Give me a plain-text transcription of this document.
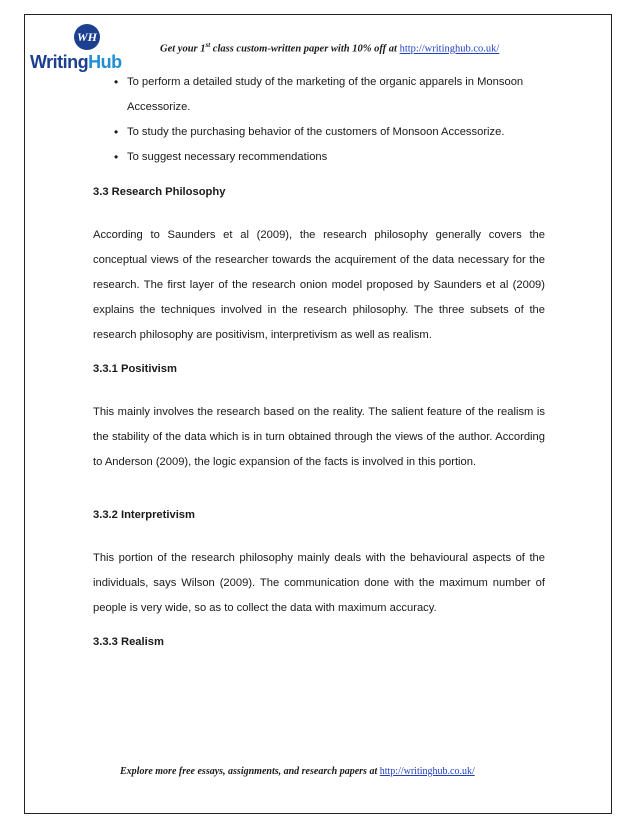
WH
WritingHub
Get your 1st class custom-written paper with 10% off at http://writinghub.co.uk/
• To perform a detailed study of the marketing of the organic apparels in Monsoon Accessorize.
• To study the purchasing behavior of the customers of Monsoon Accessorize.
• To suggest necessary recommendations

3.3 Research Philosophy

According to Saunders et al (2009), the research philosophy generally covers the conceptual views of the researcher towards the acquirement of the data necessary for the research. The first layer of the research onion model proposed by Saunders et al (2009) explains the techniques involved in the research philosophy. The three subsets of the research philosophy are positivism, interpretivism as well as realism.

3.3.1 Positivism

This mainly involves the research based on the reality. The salient feature of the realism is the stability of the data which is in turn obtained through the views of the author. According to Anderson (2009), the logic expansion of the facts is involved in this portion.

3.3.2 Interpretivism

This portion of the research philosophy mainly deals with the behavioural aspects of the individuals, says Wilson (2009). The communication done with the maximum number of people is very wide, so as to collect the data with maximum accuracy.

3.3.3 Realism

Explore more free essays, assignments, and research papers at http://writinghub.co.uk/
